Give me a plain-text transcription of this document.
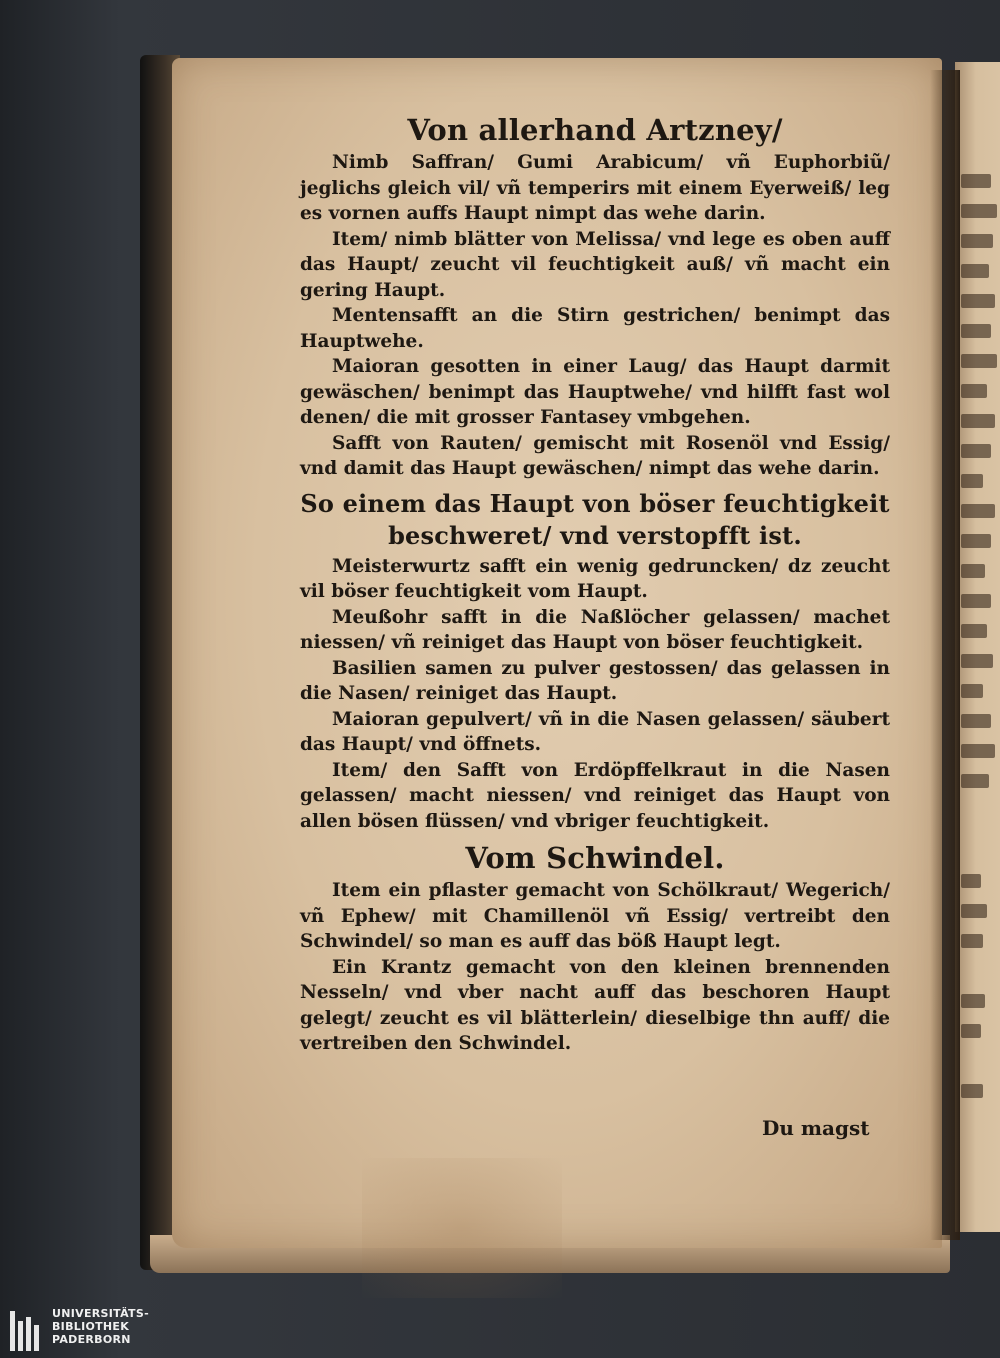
Von allerhand Artzney/

Nimb Saffran/ Gumi Arabicum/ vñ Euphorbiũ/ jeglichs gleich vil/ vñ temperirs mit einem Eyerweiß/ leg es vornen auffs Haupt nimpt das wehe darin.

Item/ nimb blätter von Melissa/ vnd lege es oben auff das Haupt/ zeucht vil feuchtigkeit auß/ vñ macht ein gering Haupt.

Mentensafft an die Stirn gestrichen/ benimpt das Hauptwehe.

Maioran gesotten in einer Laug/ das Haupt darmit gewäschen/ benimpt das Hauptwehe/ vnd hilfft fast wol denen/ die mit grosser Fantasey vmbgehen.

Safft von Rauten/ gemischt mit Rosenöl vnd Essig/ vnd damit das Haupt gewäschen/ nimpt das wehe darin.

So einem das Haupt von böser feuchtigkeit beschweret/ vnd verstopfft ist.

Meisterwurtz safft ein wenig gedruncken/ dz zeucht vil böser feuchtigkeit vom Haupt.

Meußohr safft in die Naßlöcher gelassen/ machet niessen/ vñ reiniget das Haupt von böser feuchtigkeit.

Basilien samen zu pulver gestossen/ das gelassen in die Nasen/ reiniget das Haupt.

Maioran gepulvert/ vñ in die Nasen gelassen/ säubert das Haupt/ vnd öffnets.

Item/ den Safft von Erdöpffelkraut in die Nasen gelassen/ macht niessen/ vnd reiniget das Haupt von allen bösen flüssen/ vnd vbriger feuchtigkeit.

Vom Schwindel.

Item ein pflaster gemacht von Schölkraut/ Wegerich/ vñ Ephew/ mit Chamillenöl vñ Essig/ vertreibt den Schwindel/ so man es auff das böß Haupt legt.

Ein Krantz gemacht von den kleinen brennenden Nesseln/ vnd vber nacht auff das beschoren Haupt gelegt/ zeucht es vil blätterlein/ dieselbige thn auff/ die vertreiben den Schwindel.

Du magst
UNIVERSITÄTS-
BIBLIOTHEK
PADERBORN
